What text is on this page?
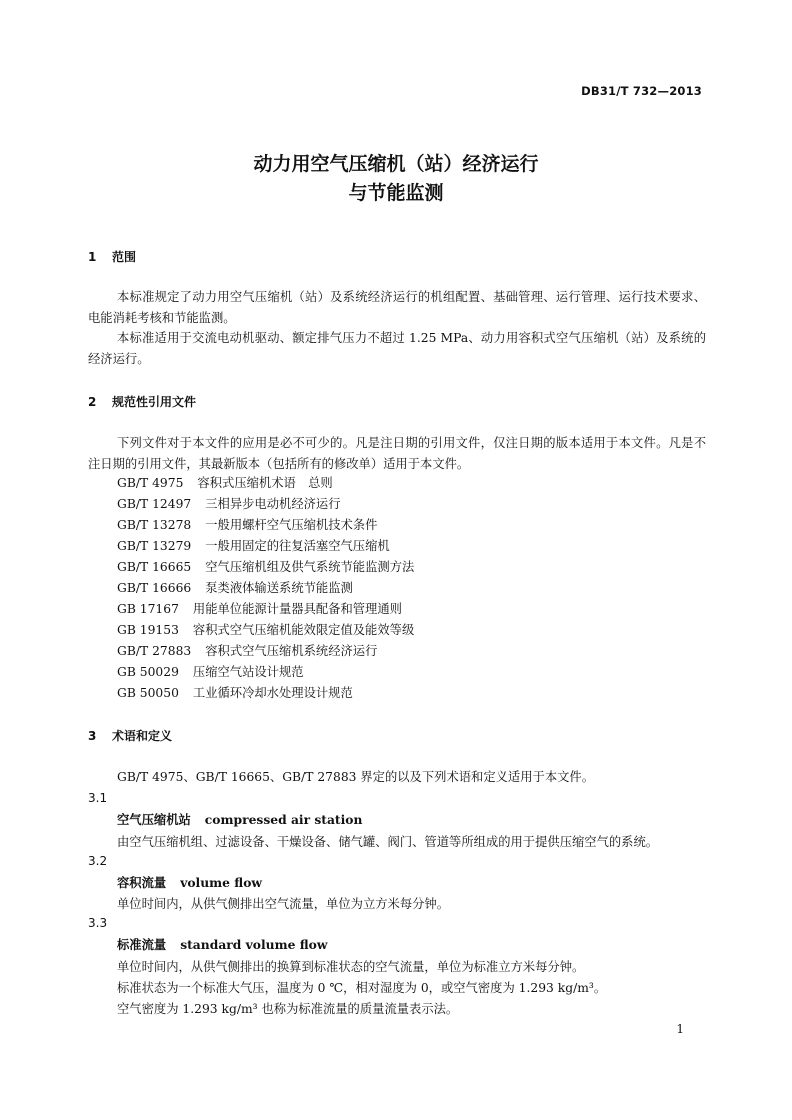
DB31/T 732—2013
动力用空气压缩机（站）经济运行
与节能监测
1 范围
本标准规定了动力用空气压缩机（站）及系统经济运行的机组配置、基础管理、运行管理、运行技术要求、电能消耗考核和节能监测。
本标准适用于交流电动机驱动、额定排气压力不超过 1.25 MPa、动力用容积式空气压缩机（站）及系统的经济运行。
2 规范性引用文件
下列文件对于本文件的应用是必不可少的。凡是注日期的引用文件，仅注日期的版本适用于本文件。凡是不注日期的引用文件，其最新版本（包括所有的修改单）适用于本文件。
GB/T 4975 容积式压缩机术语　总则
GB/T 12497 三相异步电动机经济运行
GB/T 13278 一般用螺杆空气压缩机技术条件
GB/T 13279 一般用固定的往复活塞空气压缩机
GB/T 16665 空气压缩机组及供气系统节能监测方法
GB/T 16666 泵类液体输送系统节能监测
GB 17167 用能单位能源计量器具配备和管理通则
GB 19153 容积式空气压缩机能效限定值及能效等级
GB/T 27883 容积式空气压缩机系统经济运行
GB 50029 压缩空气站设计规范
GB 50050 工业循环冷却水处理设计规范
3 术语和定义
GB/T 4975、GB/T 16665、GB/T 27883 界定的以及下列术语和定义适用于本文件。
3.1
空气压缩机站 compressed air station
由空气压缩机组、过滤设备、干燥设备、储气罐、阀门、管道等所组成的用于提供压缩空气的系统。
3.2
容积流量 volume flow
单位时间内，从供气侧排出空气流量，单位为立方米每分钟。
3.3
标准流量 standard volume flow
单位时间内，从供气侧排出的换算到标准状态的空气流量，单位为标准立方米每分钟。
标准状态为一个标准大气压，温度为 0 ℃，相对湿度为 0，或空气密度为 1.293 kg/m³。
空气密度为 1.293 kg/m³ 也称为标准流量的质量流量表示法。
1
